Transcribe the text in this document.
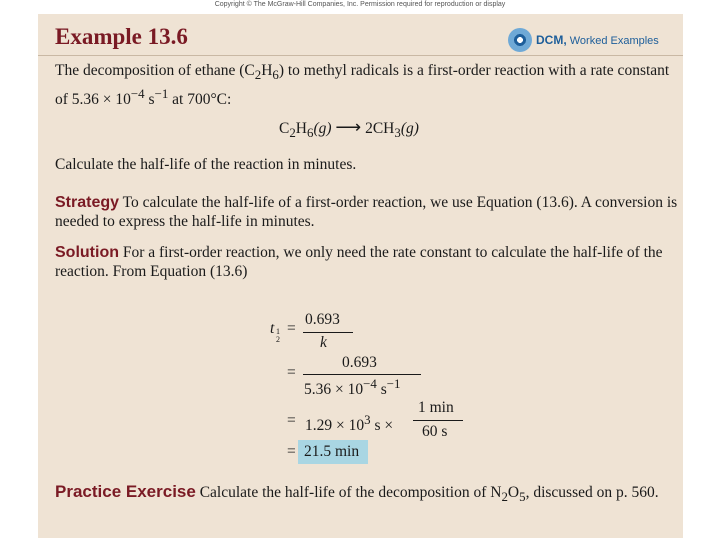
Copyright © The McGraw-Hill Companies, Inc. Permission required for reproduction or display
Example 13.6	DCM, Worked Examples
The decomposition of ethane $(C_2H_6)$ to methyl radicals is a first-order reaction with a rate constant of $5.36 \times 10^{-4}$ $s^{-1}$ at 700°C:
$C_2H_6(g)$ ⟶ $2CH_3(g)$
Calculate the half-life of the reaction in minutes.
Strategy To calculate the half-life of a first-order reaction, we use Equation (13.6). A conversion is needed to express the half-life in minutes.
Solution For a first-order reaction, we only need the rate constant to calculate the half-life of the reaction. From Equation (13.6)
t 1
2
=
0.693
k
0.693
=
$5.36 \times 10^{-4}$ $s^{-1}$
= $1.29 \times 10^3$ s ×
1 min
60 s
= 21.5 min
Practice Exercise Calculate the half-life of the decomposition of $N_2O_5$, discussed on p. 560.
